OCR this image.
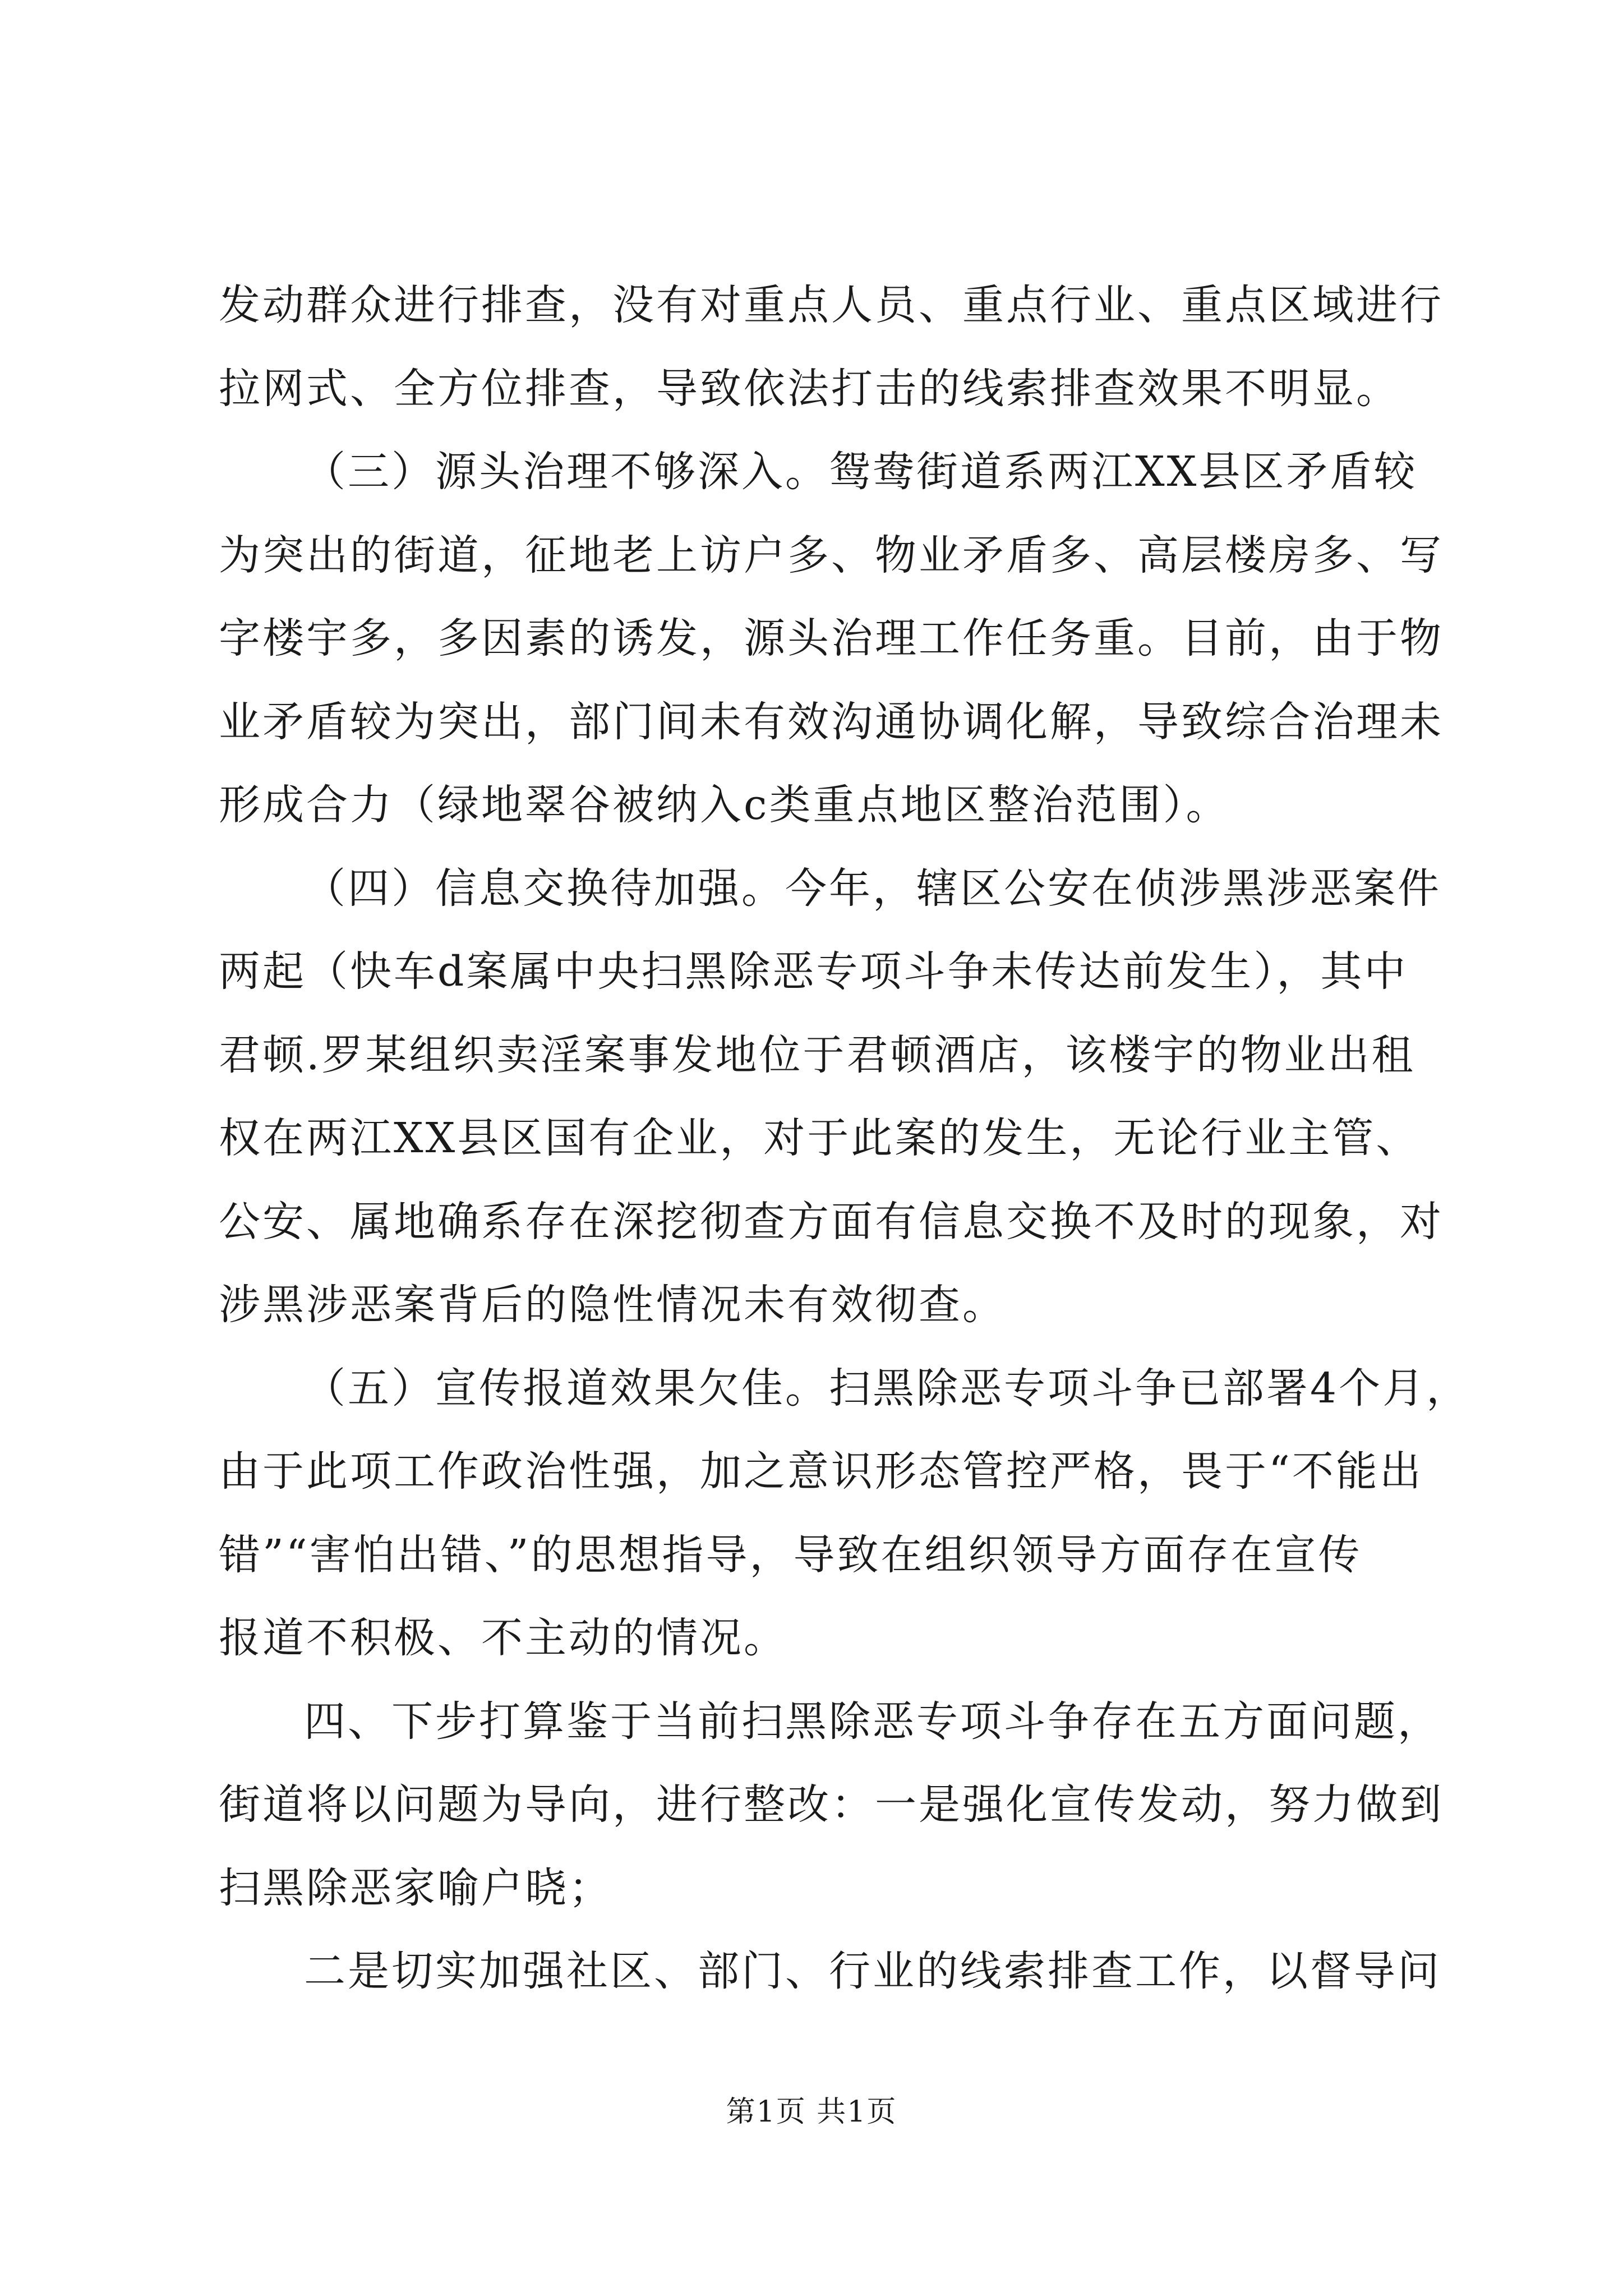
发动群众进行排查，没有对重点人员、重点行业、重点区域进行
拉网式、全方位排查，导致依法打击的线索排查效果不明显。
（三）源头治理不够深入。鸳鸯街道系两江XX县区矛盾较
为突出的街道，征地老上访户多、物业矛盾多、高层楼房多、写
字楼宇多，多因素的诱发，源头治理工作任务重。目前，由于物
业矛盾较为突出，部门间未有效沟通协调化解，导致综合治理未
形成合力（绿地翠谷被纳入c类重点地区整治范围）。
（四）信息交换待加强。今年，辖区公安在侦涉黑涉恶案件
两起（快车d案属中央扫黑除恶专项斗争未传达前发生），其中
君顿.罗某组织卖淫案事发地位于君顿酒店，该楼宇的物业出租
权在两江XX县区国有企业，对于此案的发生，无论行业主管、
公安、属地确系存在深挖彻查方面有信息交换不及时的现象，对
涉黑涉恶案背后的隐性情况未有效彻查。
（五）宣传报道效果欠佳。扫黑除恶专项斗争已部署4个月，
由于此项工作政治性强，加之意识形态管控严格，畏于“不能出
错”“害怕出错、”的思想指导，导致在组织领导方面存在宣传
报道不积极、不主动的情况。
四、下步打算鉴于当前扫黑除恶专项斗争存在五方面问题，
街道将以问题为导向，进行整改：一是强化宣传发动，努力做到
扫黑除恶家喻户晓；
二是切实加强社区、部门、行业的线索排查工作，以督导问
第1页 共1页
